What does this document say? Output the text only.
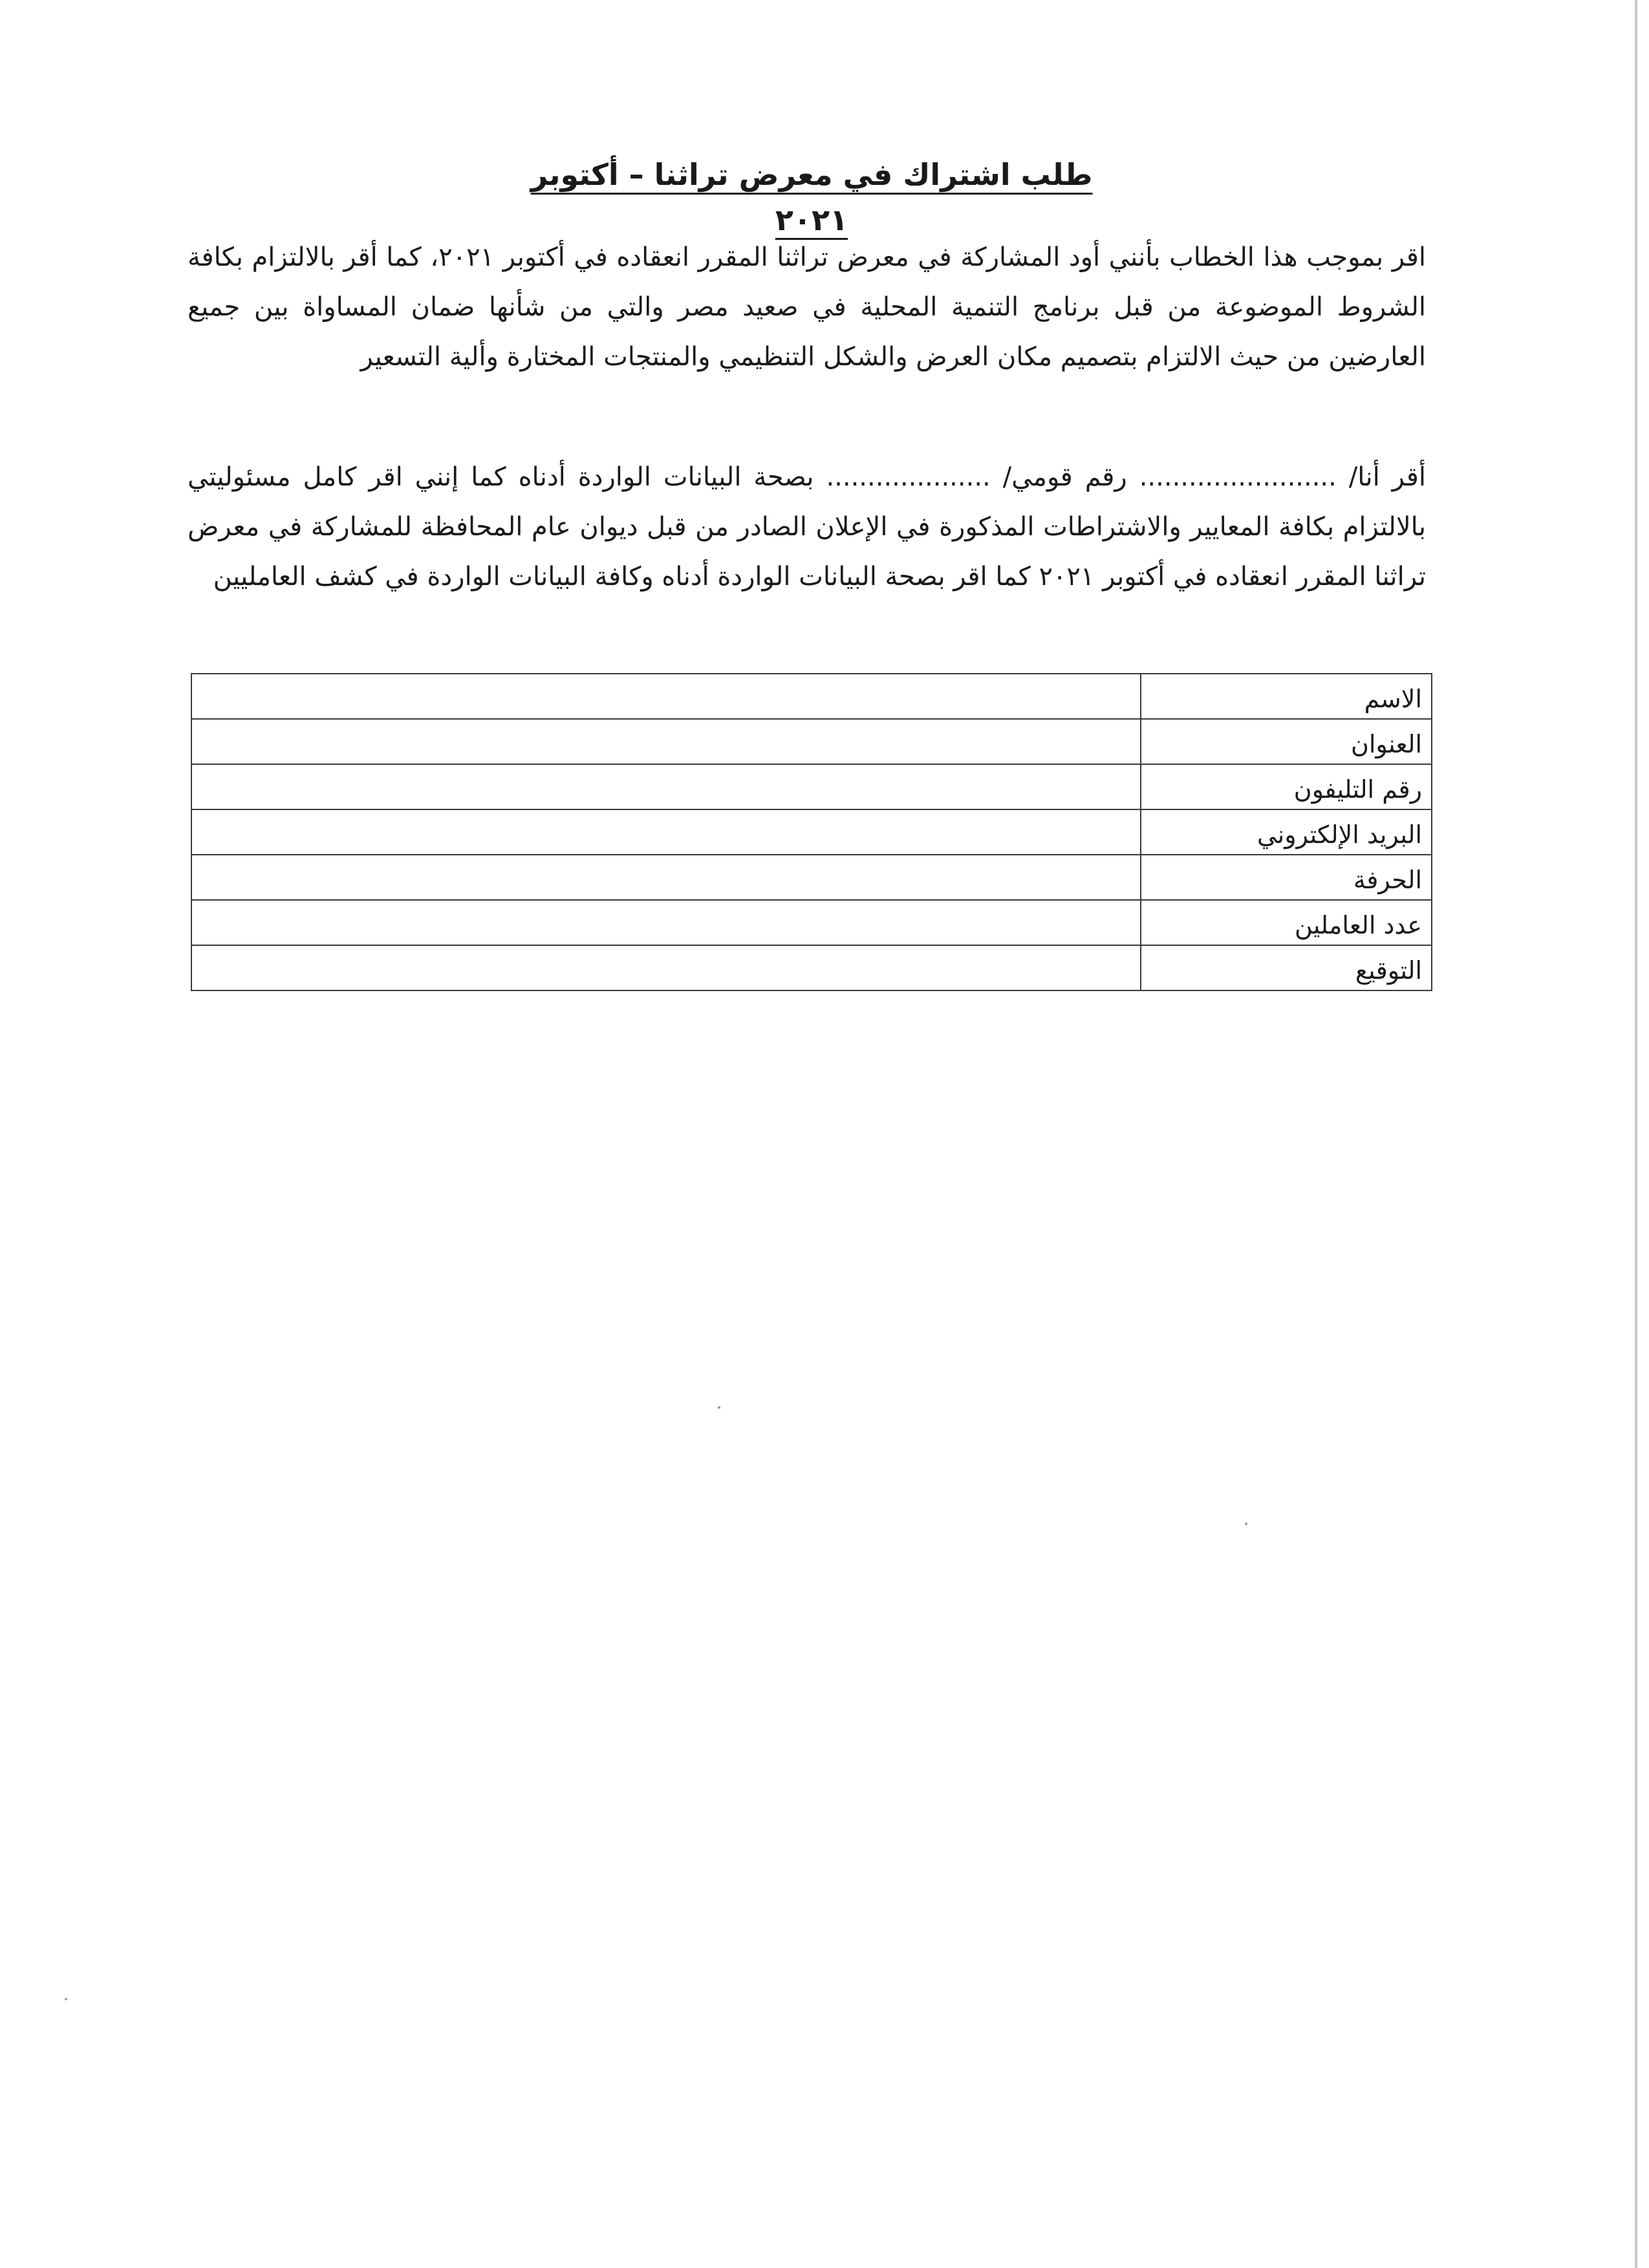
طلب اشتراك في معرض تراثنا – أكتوبر ٢٠٢١

اقر بموجب هذا الخطاب بأنني أود المشاركة في معرض تراثنا المقرر انعقاده في أكتوبر ٢٠٢١، كما أقر بالالتزام بكافة الشروط الموضوعة من قبل برنامج التنمية المحلية في صعيد مصر والتي من شأنها ضمان المساواة بين جميع العارضين من حيث الالتزام بتصميم مكان العرض والشكل التنظيمي والمنتجات المختارة وألية التسعير

أقر أنا/ ........................ رقم قومي/ .................... بصحة البيانات الواردة أدناه كما إنني اقر كامل مسئوليتي بالالتزام بكافة المعايير والاشتراطات المذكورة في الإعلان الصادر من قبل ديوان عام المحافظة للمشاركة في معرض تراثنا المقرر انعقاده في أكتوبر ٢٠٢١ كما اقر بصحة البيانات الواردة أدناه وكافة البيانات الواردة في كشف العامليين

الاسم	
العنوان	
رقم التليفون	
البريد الإلكتروني	
الحرفة	
عدد العاملين	
التوقيع	
